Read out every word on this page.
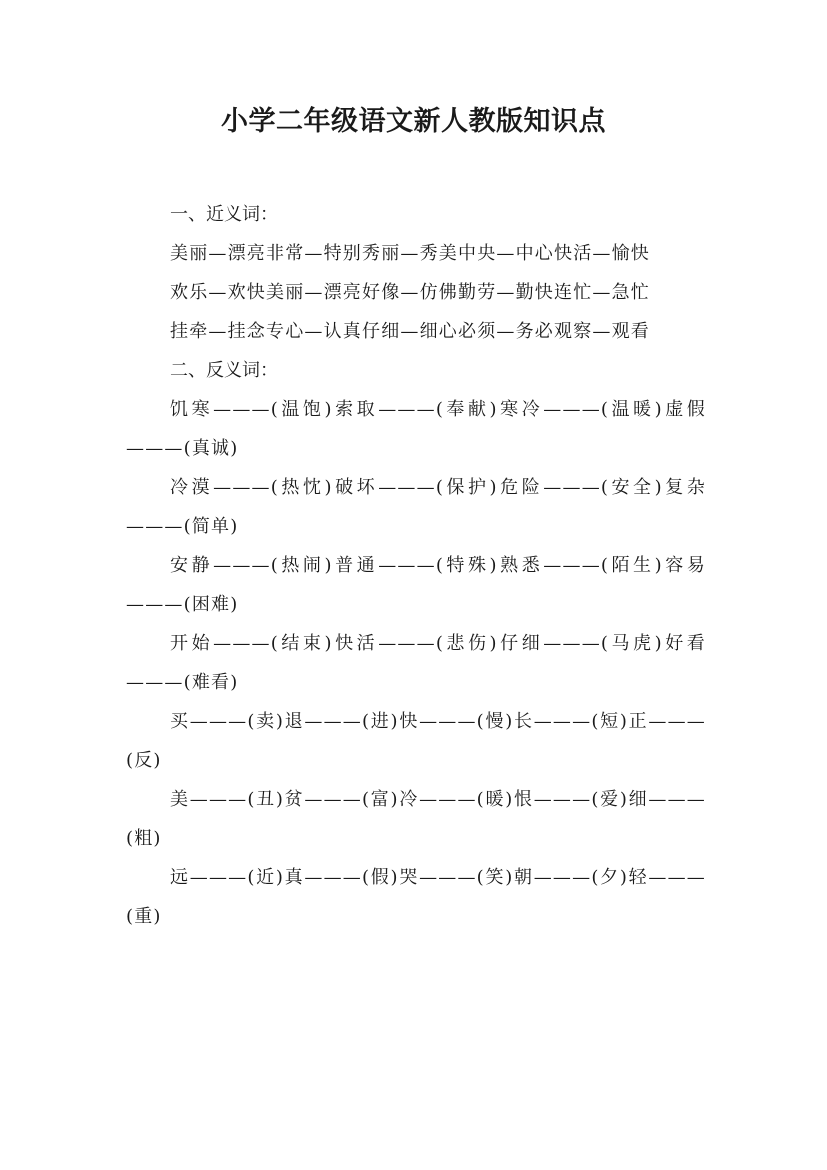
小学二年级语文新人教版知识点

一、近义词：

美丽—漂亮非常—特别秀丽—秀美中央—中心快活—愉快

欢乐—欢快美丽—漂亮好像—仿佛勤劳—勤快连忙—急忙

挂牵—挂念专心—认真仔细—细心必须—务必观察—观看

二、反义词：

饥寒———(温饱)索取———(奉献)寒冷———(温暖)虚假———(真诚)

冷漠———(热忱)破坏———(保护)危险———(安全)复杂———(简单)

安静———(热闹)普通———(特殊)熟悉———(陌生)容易———(困难)

开始———(结束)快活———(悲伤)仔细———(马虎)好看———(难看)

买———(卖)退———(进)快———(慢)长———(短)正———(反)

美———(丑)贫———(富)冷———(暖)恨———(爱)细———(粗)

远———(近)真———(假)哭———(笑)朝———(夕)轻———(重)
